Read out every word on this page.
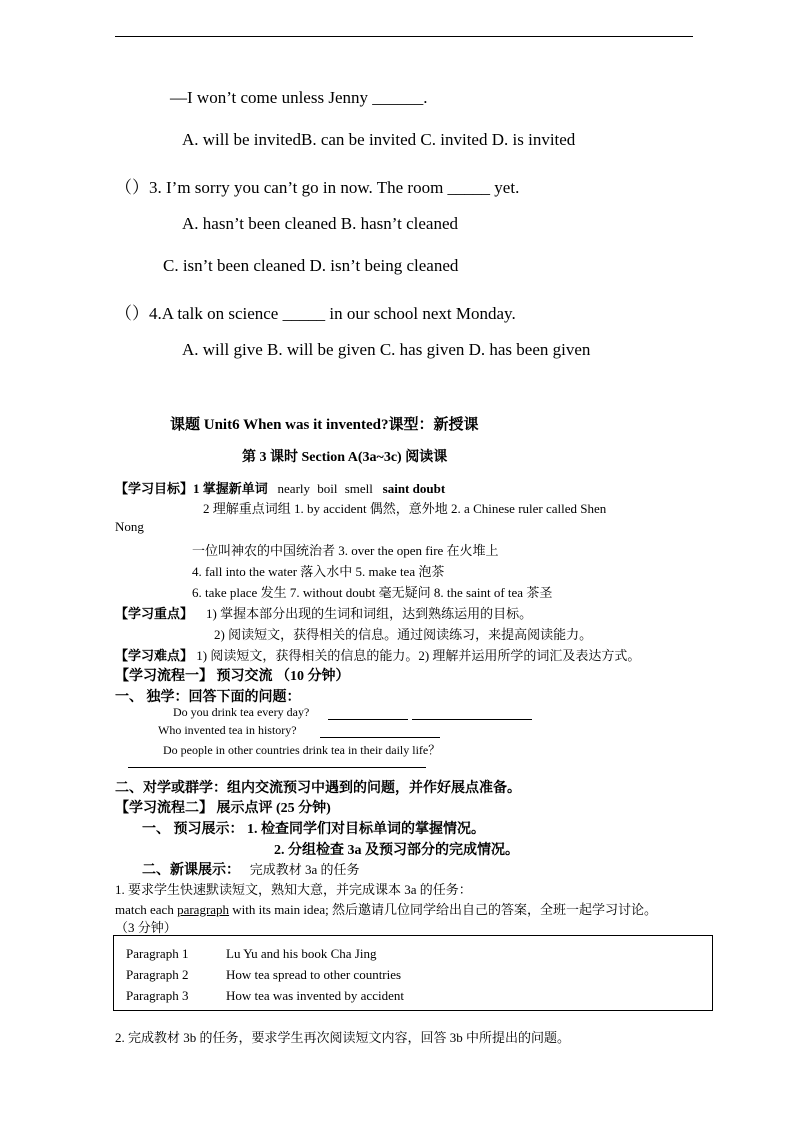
—I won’t come unless Jenny ______.
A. will be invitedB. can be invited C. invited D. is invited
（）3. I’m sorry you can’t go in now. The room _____ yet.
A. hasn’t been cleaned B. hasn’t cleaned
C. isn’t been cleaned D. isn’t being cleaned
（）4.A talk on science _____ in our school next Monday.
A. will give B. will be given C. has given D. has been given
课题 Unit6 When was it invented?课型：新授课
第 3 课时 Section A(3a~3c) 阅读课
【学习目标】1 掌握新单词 nearly boil smell saint doubt
2 理解重点词组 1. by accident 偶然，意外地 2. a Chinese ruler called Shen
Nong
一位叫神农的中国统治者 3. over the open fire 在火堆上
4. fall into the water 落入水中 5. make tea 泡茶
6. take place 发生 7. without doubt 毫无疑问 8. the saint of tea 茶圣
【学习重点】 1) 掌握本部分出现的生词和词组，达到熟练运用的目标。
2) 阅读短文，获得相关的信息。通过阅读练习，来提高阅读能力。
【学习难点】 1) 阅读短文，获得相关的信息的能力。2) 理解并运用所学的词汇及表达方式。
【学习流程一】 预习交流 （10 分钟）
一、 独学：回答下面的问题：
Do you drink tea every day?
Who invented tea in history?
Do people in other countries drink tea in their daily life？
二、对学或群学：组内交流预习中遇到的问题，并作好展点准备。
【学习流程二】 展示点评 (25 分钟)
一、 预习展示： 1. 检查同学们对目标单词的掌握情况。
2. 分组检查 3a 及预习部分的完成情况。
二、新课展示： 完成教材 3a 的任务
1. 要求学生快速默读短文，熟知大意，并完成课本 3a 的任务：
match each paragraph with its main idea; 然后邀请几位同学给出自己的答案，全班一起学习讨论。
（3 分钟）
Paragraph 1	Lu Yu and his book Cha Jing
Paragraph 2	How tea spread to other countries
Paragraph 3	How tea was invented by accident
2. 完成教材 3b 的任务，要求学生再次阅读短文内容，回答 3b 中所提出的问题。
